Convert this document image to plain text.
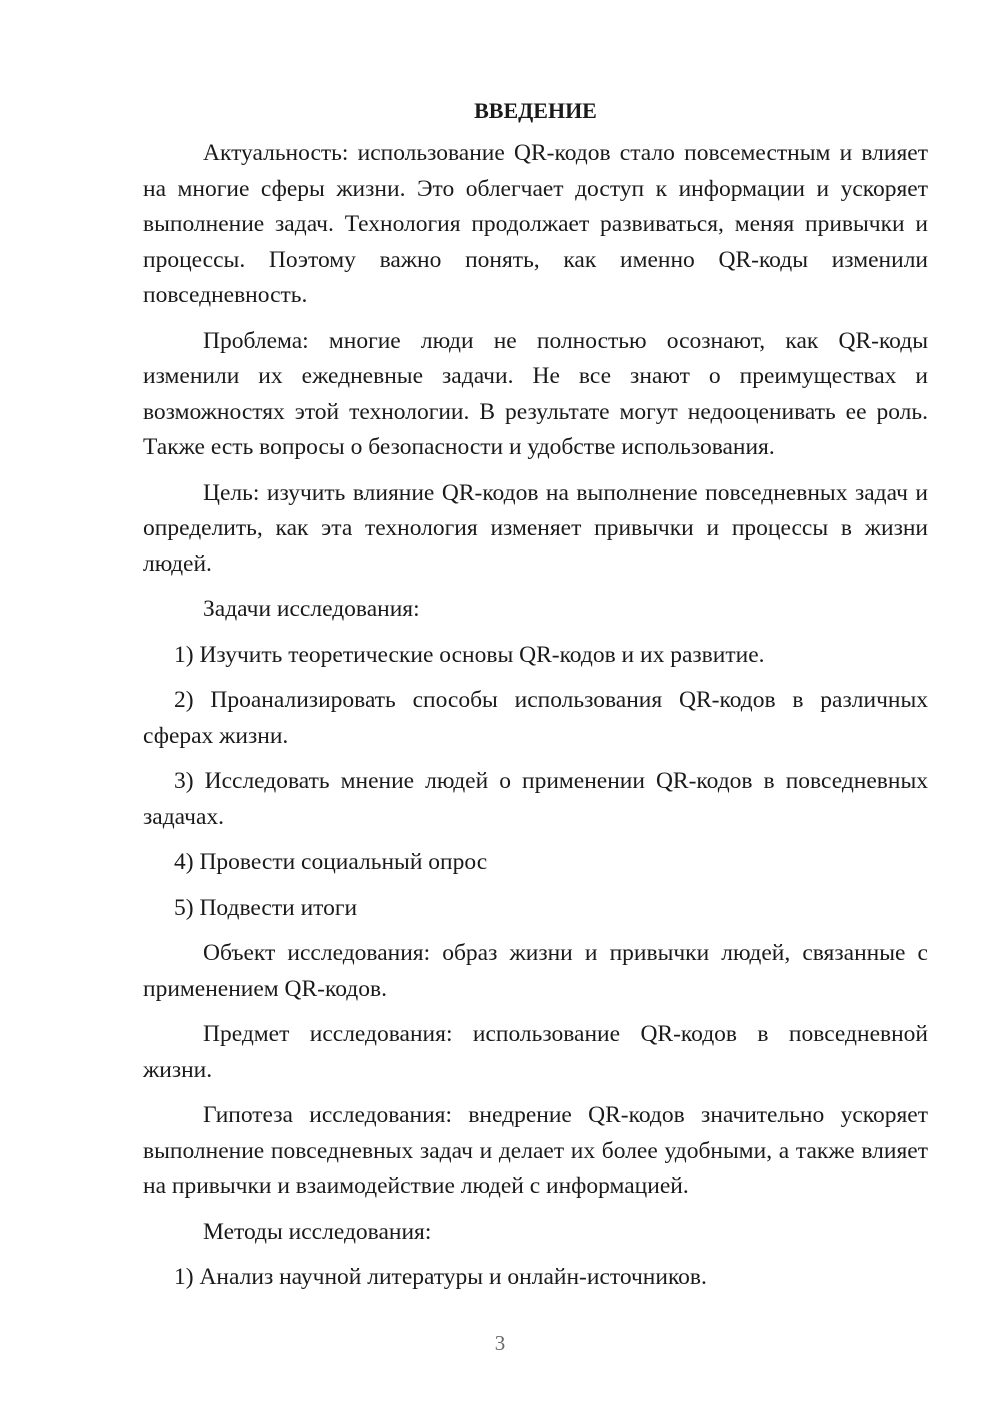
ВВЕДЕНИЕ

Актуальность: использование QR-кодов стало повсеместным и влияет на многие сферы жизни. Это облегчает доступ к информации и ускоряет выполнение задач. Технология продолжает развиваться, меняя привычки и процессы. Поэтому важно понять, как именно QR-коды изменили повседневность.

Проблема: многие люди не полностью осознают, как QR-коды изменили их ежедневные задачи. Не все знают о преимуществах и возможностях этой технологии. В результате могут недооценивать ее роль. Также есть вопросы о безопасности и удобстве использования.

Цель: изучить влияние QR-кодов на выполнение повседневных задач и определить, как эта технология изменяет привычки и процессы в жизни людей.

Задачи исследования:

1) Изучить теоретические основы QR-кодов и их развитие.

2) Проанализировать способы использования QR-кодов в различных сферах жизни.

3) Исследовать мнение людей о применении QR-кодов в повседневных задачах.

4) Провести социальный опрос

5) Подвести итоги

Объект исследования: образ жизни и привычки людей, связанные с применением QR-кодов.

Предмет исследования: использование QR-кодов в повседневной жизни.

Гипотеза исследования: внедрение QR-кодов значительно ускоряет выполнение повседневных задач и делает их более удобными, а также влияет на привычки и взаимодействие людей с информацией.

Методы исследования:

1) Анализ научной литературы и онлайн-источников.

3
